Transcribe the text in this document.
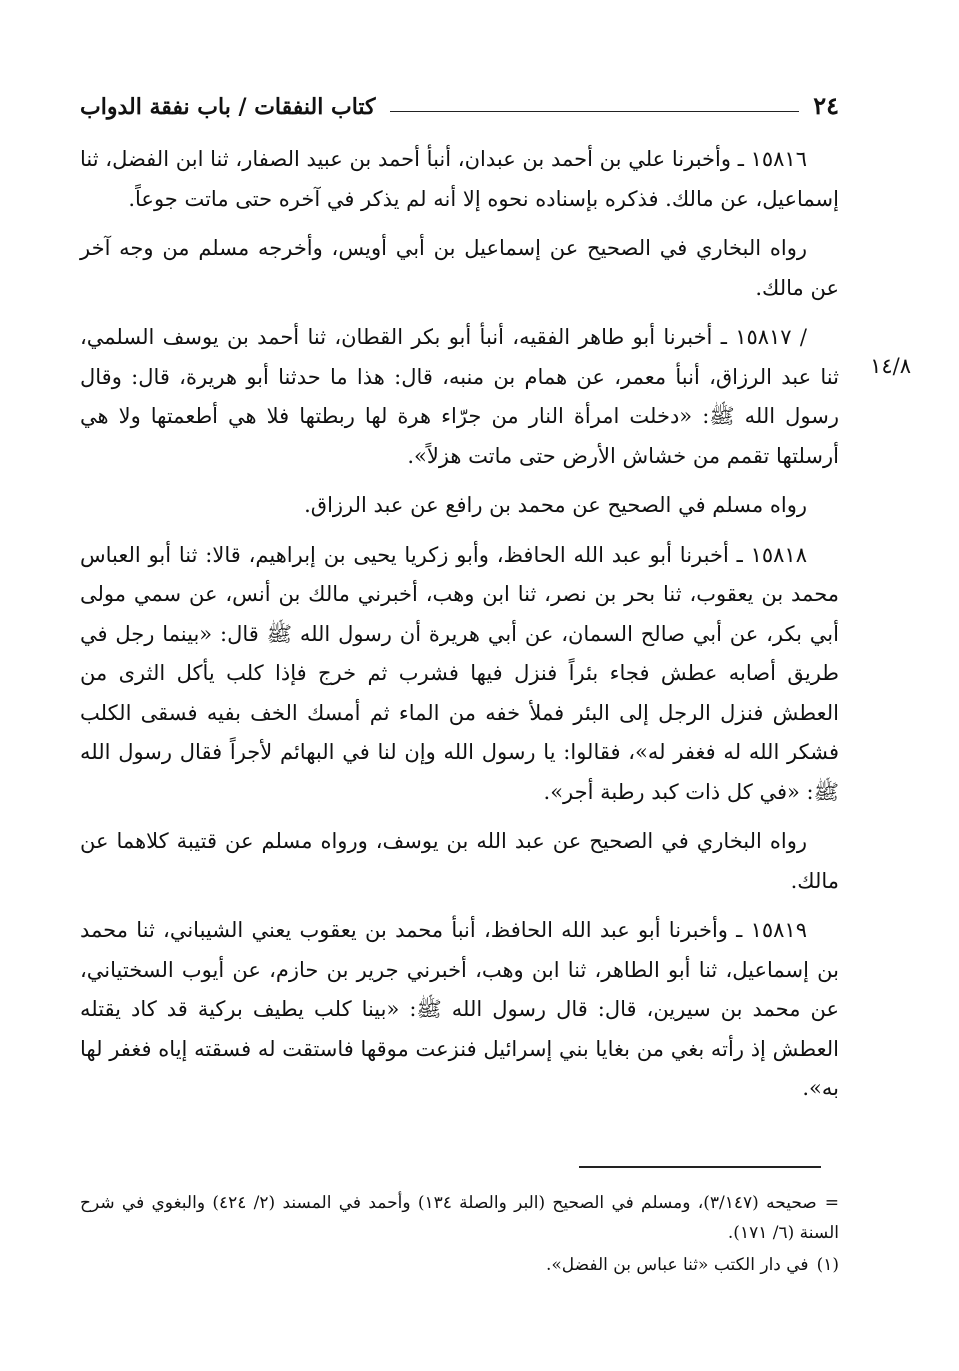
٢٤
كتاب النفقات / باب نفقة الدواب
١٤/٨

١٥٨١٦ ـ وأخبرنا علي بن أحمد بن عبدان، أنبأ أحمد بن عبيد الصفار، ثنا ابن الفضل، ثنا إسماعيل، عن مالك. فذكره بإسناده نحوه إلا أنه لم يذكر في آخره حتى ماتت جوعاً.

رواه البخاري في الصحيح عن إسماعيل بن أبي أويس، وأخرجه مسلم من وجه آخر عن مالك.

/ ١٥٨١٧ ـ أخبرنا أبو طاهر الفقيه، أنبأ أبو بكر القطان، ثنا أحمد بن يوسف السلمي، ثنا عبد الرزاق، أنبأ معمر، عن همام بن منبه، قال: هذا ما حدثنا أبو هريرة، قال: وقال رسول الله ﷺ: «دخلت امرأة النار من جرّاء هرة لها ربطتها فلا هي أطعمتها ولا هي أرسلتها تقمم من خشاش الأرض حتى ماتت هزلاً».

رواه مسلم في الصحيح عن محمد بن رافع عن عبد الرزاق.

١٥٨١٨ ـ أخبرنا أبو عبد الله الحافظ، وأبو زكريا يحيى بن إبراهيم، قالا: ثنا أبو العباس محمد بن يعقوب، ثنا بحر بن نصر، ثنا ابن وهب، أخبرني مالك بن أنس، عن سمي مولى أبي بكر، عن أبي صالح السمان، عن أبي هريرة أن رسول الله ﷺ قال: «بينما رجل في طريق أصابه عطش فجاء بئراً فنزل فيها فشرب ثم خرج فإذا كلب يأكل الثرى من العطش فنزل الرجل إلى البئر فملأ خفه من الماء ثم أمسك الخف بفيه فسقى الكلب فشكر الله له فغفر له»، فقالوا: يا رسول الله وإن لنا في البهائم لأجراً فقال رسول الله ﷺ: «في كل ذات كبد رطبة أجر».

رواه البخاري في الصحيح عن عبد الله بن يوسف، ورواه مسلم عن قتيبة كلاهما عن مالك.

١٥٨١٩ ـ وأخبرنا أبو عبد الله الحافظ، أنبأ محمد بن يعقوب يعني الشيباني، ثنا محمد بن إسماعيل، ثنا أبو الطاهر، ثنا ابن وهب، أخبرني جرير بن حازم، عن أيوب السختياني، عن محمد بن سيرين، قال: قال رسول الله ﷺ: «بينا كلب يطيف بركية قد كاد يقتله العطش إذ رأته بغي من بغايا بني إسرائيل فنزعت موقها فاستقت له فسقته إياه فغفر لها به».

=صحيحه (٣/١٤٧)، ومسلم في الصحيح (البر والصلة ١٣٤) وأحمد في المسند (٢/ ٤٢٤) والبغوي في شرح السنة (٦/ ١٧١).

(١)في دار الكتب «ثنا عباس بن الفضل».
